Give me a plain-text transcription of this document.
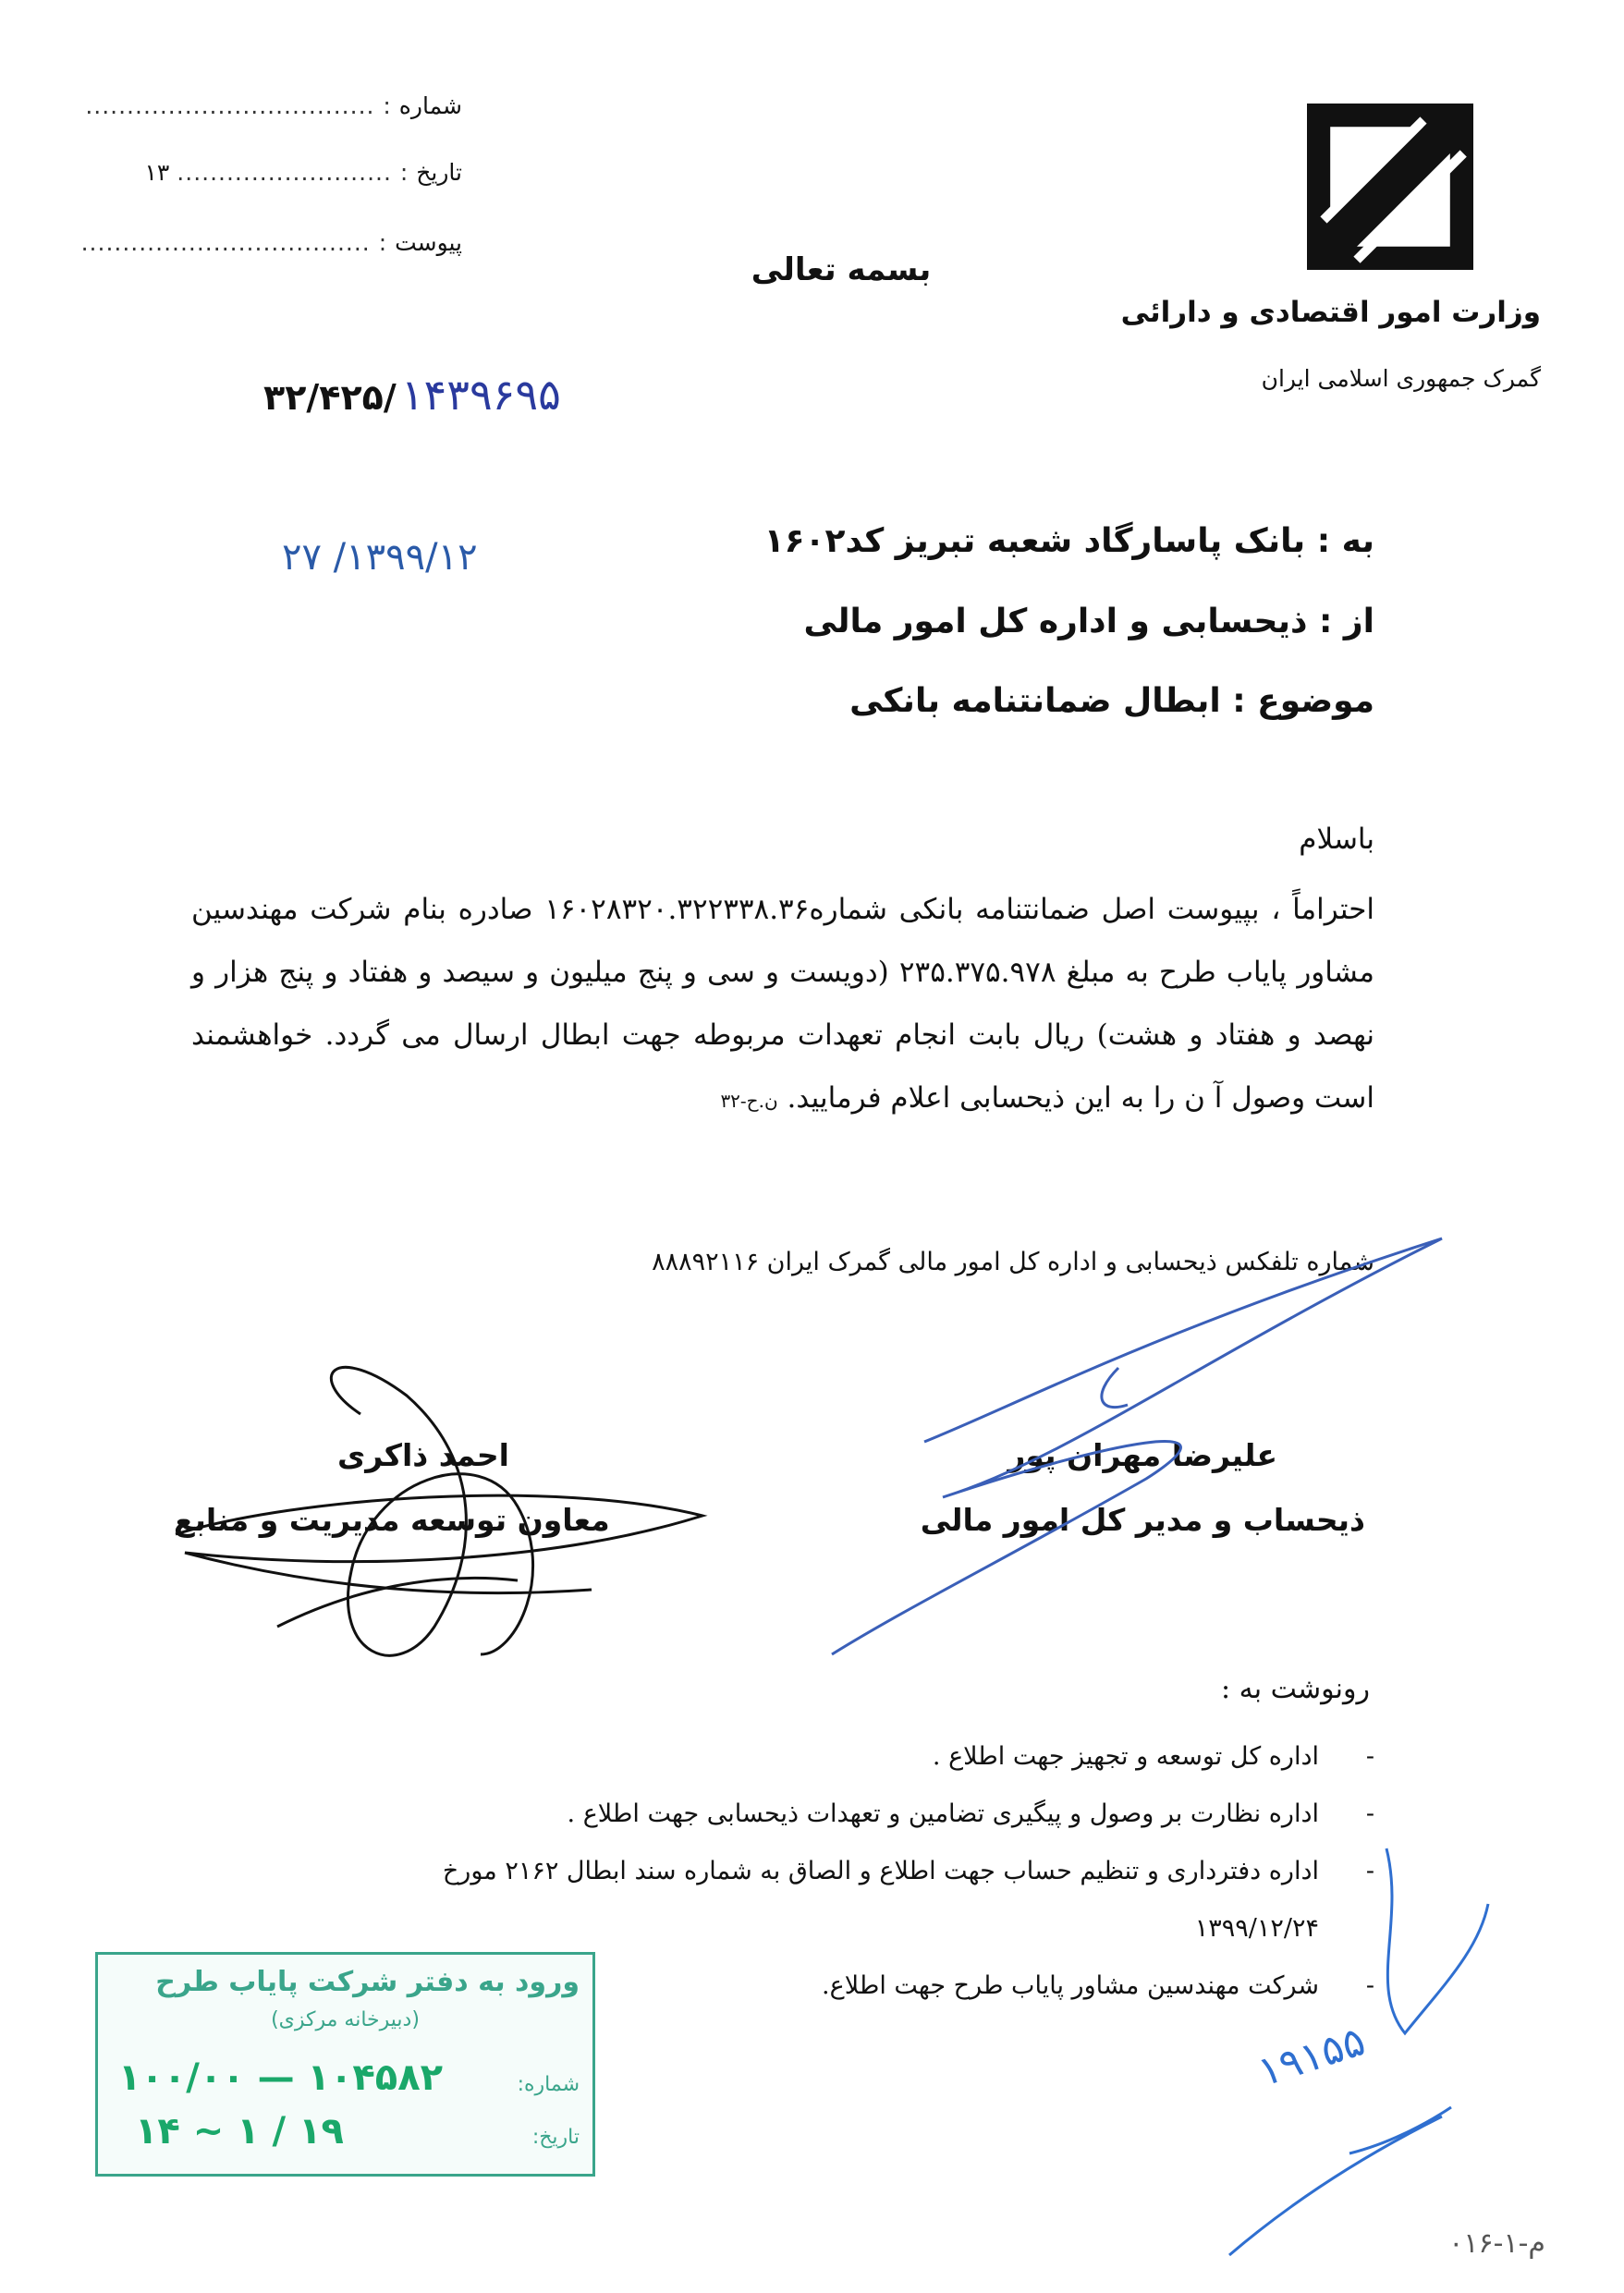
شماره : ...................................
تاریخ : .......................... ۱۳
پیوست : ...................................
وزارت امور اقتصادی و دارائی
گمرک جمهوری اسلامی ایران
بسمه تعالی
۳۲/۴۲۵/ ۱۴۳۹۶۹۵
۱۳۹۹/۱۲/ ۲۷	به : بانک پاسارگاد شعبه تبریز کد۱۶۰۲
از : ذیحسابی و اداره کل امور مالی
موضوع : ابطال ضمانتنامه بانکی
باسلام
احتراماً ، بپیوست اصل ضمانتنامه بانکی شماره۱۶۰۲۸۳۲۰.۳۲۲۳۳۸.۳۶ صادره بنام شرکت مهندسین مشاور پایاب طرح به مبلغ ۲۳۵.۳۷۵.۹۷۸ (دویست و سی و پنج میلیون و سیصد و هفتاد و پنج هزار و نهصد و هفتاد و هشت) ریال بابت انجام تعهدات مربوطه جهت ابطال ارسال می گردد. خواهشمند است وصول آ ن را به این ذیحسابی اعلام فرمایید. ن.ح-۳۲
شماره تلفکس ذیحسابی و اداره کل امور مالی گمرک ایران ۸۸۸۹۲۱۱۶
علیرضا مهران پور
ذیحساب و مدیر کل امور مالی
احمد ذاکری
معاون توسعه مدیریت و منابع
رونوشت به :
-
اداره کل توسعه و تجهیز جهت اطلاع .
-
اداره نظارت بر وصول و پیگیری تضامین و تعهدات ذیحسابی جهت اطلاع .
-
اداره دفترداری و تنظیم حساب جهت اطلاع و الصاق به شماره سند ابطال ۲۱۶۲ مورخ
۱۳۹۹/۱۲/۲۴
-
شرکت مهندسین مشاور پایاب طرح جهت اطلاع.
ورود به دفتر شرکت پایاب طرح
(دبیرخانه مرکزی)
شماره:
۱۰۰/۰۰ — ۱۰۴۵۸۲
تاریخ:
۱۴ ~ ۱ / ۱۹
۱۹۱۵۵
م-۱-۰۱۶
